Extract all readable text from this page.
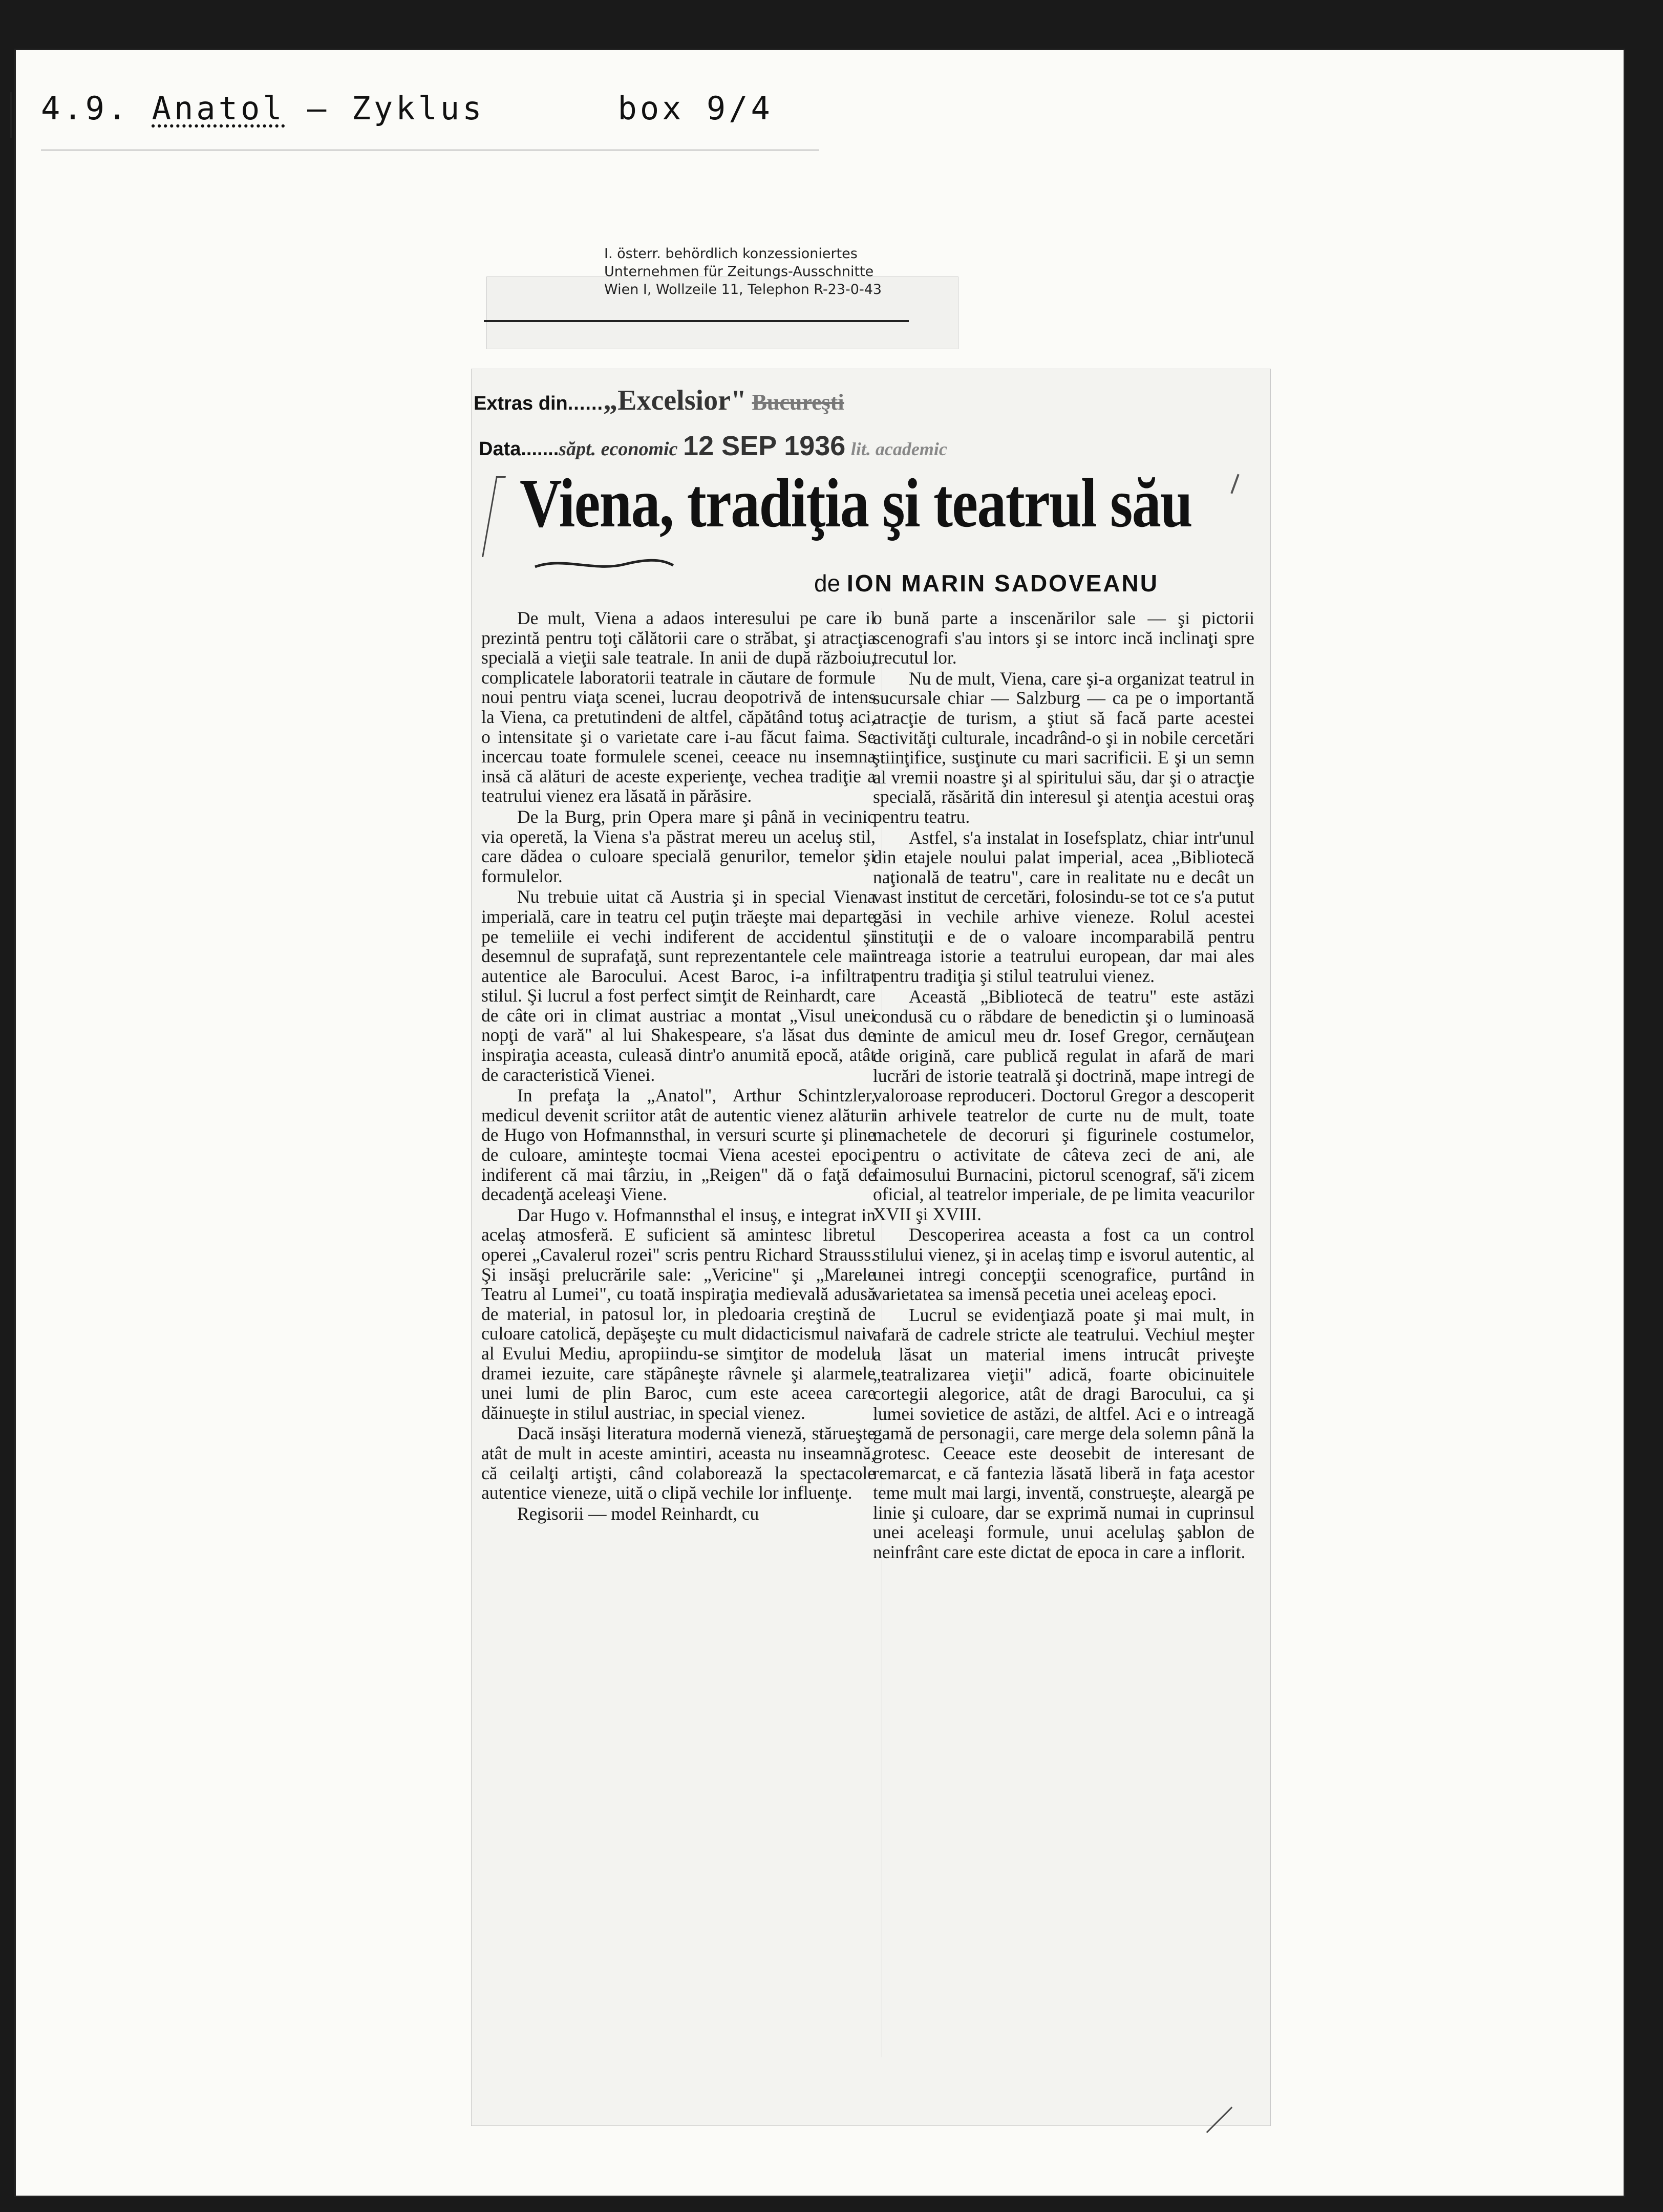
4.9. Anatol – Zyklus	box 9/4
I. österr. behördlich konzessioniertes
Unternehmen für Zeitungs-Ausschnitte
Wien I, Wollzeile 11, Telephon R-23-0-43
Extras din......„Excelsior" Bucureşti
Data.......săpt. economic 12 SEP 1936 lit. academic
Viena, tradiţia şi teatrul său
de ION MARIN SADOVEANU

De mult, Viena a adaos interesului pe care il prezintă pentru toţi călătorii care o străbat, şi atracţia specială a vieţii sale teatrale. In anii de după războiu, complicatele laboratorii teatrale in căutare de formule noui pentru viaţa scenei, lucrau deopotrivă de intens la Viena, ca pretutindeni de altfel, căpătând totuş aci, o intensitate şi o varietate care i-au făcut faima. Se incercau toate formulele scenei, ceeace nu insemna insă că alături de aceste experienţe, vechea tradiţie a teatrului vienez era lăsată in părăsire.

De la Burg, prin Opera mare şi până in vecinic via operetă, la Viena s'a păstrat mereu un aceluş stil, care dădea o culoare specială genurilor, temelor şi formulelor.

Nu trebuie uitat că Austria şi in special Viena imperială, care in teatru cel puţin trăeşte mai departe pe temeliile ei vechi indiferent de accidentul şi desemnul de suprafaţă, sunt reprezentantele cele mai autentice ale Barocului. Acest Baroc, i-a infiltrat stilul. Şi lucrul a fost perfect simţit de Reinhardt, care de câte ori in climat austriac a montat „Visul unei nopţi de vară" al lui Shakespeare, s'a lăsat dus de inspiraţia aceasta, culeasă dintr'o anumită epocă, atât de caracteristică Vienei.

In prefaţa la „Anatol", Arthur Schintzler, medicul devenit scriitor atât de autentic vienez alături de Hugo von Hofmannsthal, in versuri scurte şi pline de culoare, aminteşte tocmai Viena acestei epoci, indiferent că mai târziu, in „Reigen" dă o faţă de decadenţă aceleaşi Viene.

Dar Hugo v. Hofmannsthal el insuş, e integrat in acelaş atmosferă. E suficient să amintesc libretul operei „Cavalerul rozei" scris pentru Richard Strauss. Şi insăşi prelucrările sale: „Vericine" şi „Marele Teatru al Lumei", cu toată inspiraţia medievală adusă de material, in patosul lor, in pledoaria creştină de culoare catolică, depăşeşte cu mult didacticismul naiv al Evului Mediu, apropiindu-se simţitor de modelul dramei iezuite, care stăpâneşte râvnele şi alarmele unei lumi de plin Baroc, cum este aceea care dăinueşte in stilul austriac, in special vienez.

Dacă insăşi literatura modernă vieneză, stărueşte atât de mult in aceste amintiri, aceasta nu inseamnă, că ceilalţi artişti, când colaborează la spectacole autentice vieneze, uită o clipă vechile lor influenţe.

Regisorii — model Reinhardt, cu

o bună parte a inscenărilor sale — şi pictorii scenografi s'au intors şi se intorc incă inclinaţi spre trecutul lor.

Nu de mult, Viena, care şi-a organizat teatrul in sucursale chiar — Salzburg — ca pe o importantă atracţie de turism, a ştiut să facă parte acestei activităţi culturale, incadrând-o şi in nobile cercetări ştiinţifice, susţinute cu mari sacrificii. E şi un semn al vremii noastre şi al spiritului său, dar şi o atracţie specială, răsărită din interesul şi atenţia acestui oraş pentru teatru.

Astfel, s'a instalat in Iosefsplatz, chiar intr'unul din etajele noului palat imperial, acea „Bibliotecă naţională de teatru", care in realitate nu e decât un vast institut de cercetări, folosindu-se tot ce s'a putut găsi in vechile arhive vieneze. Rolul acestei instituţii e de o valoare incomparabilă pentru intreaga istorie a teatrului european, dar mai ales pentru tradiţia şi stilul teatrului vienez.

Această „Bibliotecă de teatru" este astăzi condusă cu o răbdare de benedictin şi o luminoasă minte de amicul meu dr. Iosef Gregor, cernăuţean de origină, care publică regulat in afară de mari lucrări de istorie teatrală şi doctrină, mape intregi de valoroase reproduceri. Doctorul Gregor a descoperit in arhivele teatrelor de curte nu de mult, toate machetele de decoruri şi figurinele costumelor, pentru o activitate de câteva zeci de ani, ale faimosului Burnacini, pictorul scenograf, să'i zicem oficial, al teatrelor imperiale, de pe limita veacurilor XVII şi XVIII.

Descoperirea aceasta a fost ca un control stilului vienez, şi in acelaş timp e isvorul autentic, al unei intregi concepţii scenografice, purtând in varietatea sa imensă pecetia unei aceleaş epoci.

Lucrul se evidenţiază poate şi mai mult, in afară de cadrele stricte ale teatrului. Vechiul meşter a lăsat un material imens intrucât priveşte „teatralizarea vieţii" adică, foarte obicinuitele cortegii alegorice, atât de dragi Barocului, ca şi lumei sovietice de astăzi, de altfel. Aci e o intreagă gamă de personagii, care merge dela solemn până la grotesc. Ceeace este deosebit de interesant de remarcat, e că fantezia lăsată liberă in faţa acestor teme mult mai largi, inventă, construeşte, aleargă pe linie şi culoare, dar se exprimă numai in cuprinsul unei aceleaşi formule, unui acelulaş şablon de neinfrânt care este dictat de epoca in care a inflorit.
